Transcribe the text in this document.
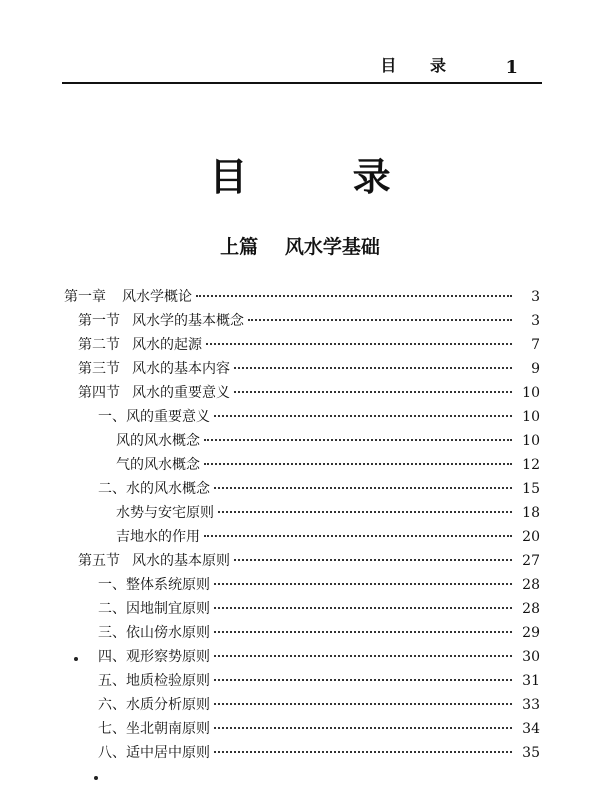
目 录	1
目 录
上篇 风水学基础
第一章 风水学概论	3
第一节 风水学的基本概念	3
第二节 风水的起源	7
第三节 风水的基本内容	9
第四节 风水的重要意义	10
一、 风的重要意义	10
风的风水概念	10
气的风水概念	12
二、 水的风水概念	15
水势与安宅原则	18
吉地水的作用	20
第五节 风水的基本原则	27
一、 整体系统原则	28
二、 因地制宜原则	28
三、 依山傍水原则	29
四、 观形察势原则	30
五、 地质检验原则	31
六、 水质分析原则	33
七、 坐北朝南原则	34
八、 适中居中原则	35
